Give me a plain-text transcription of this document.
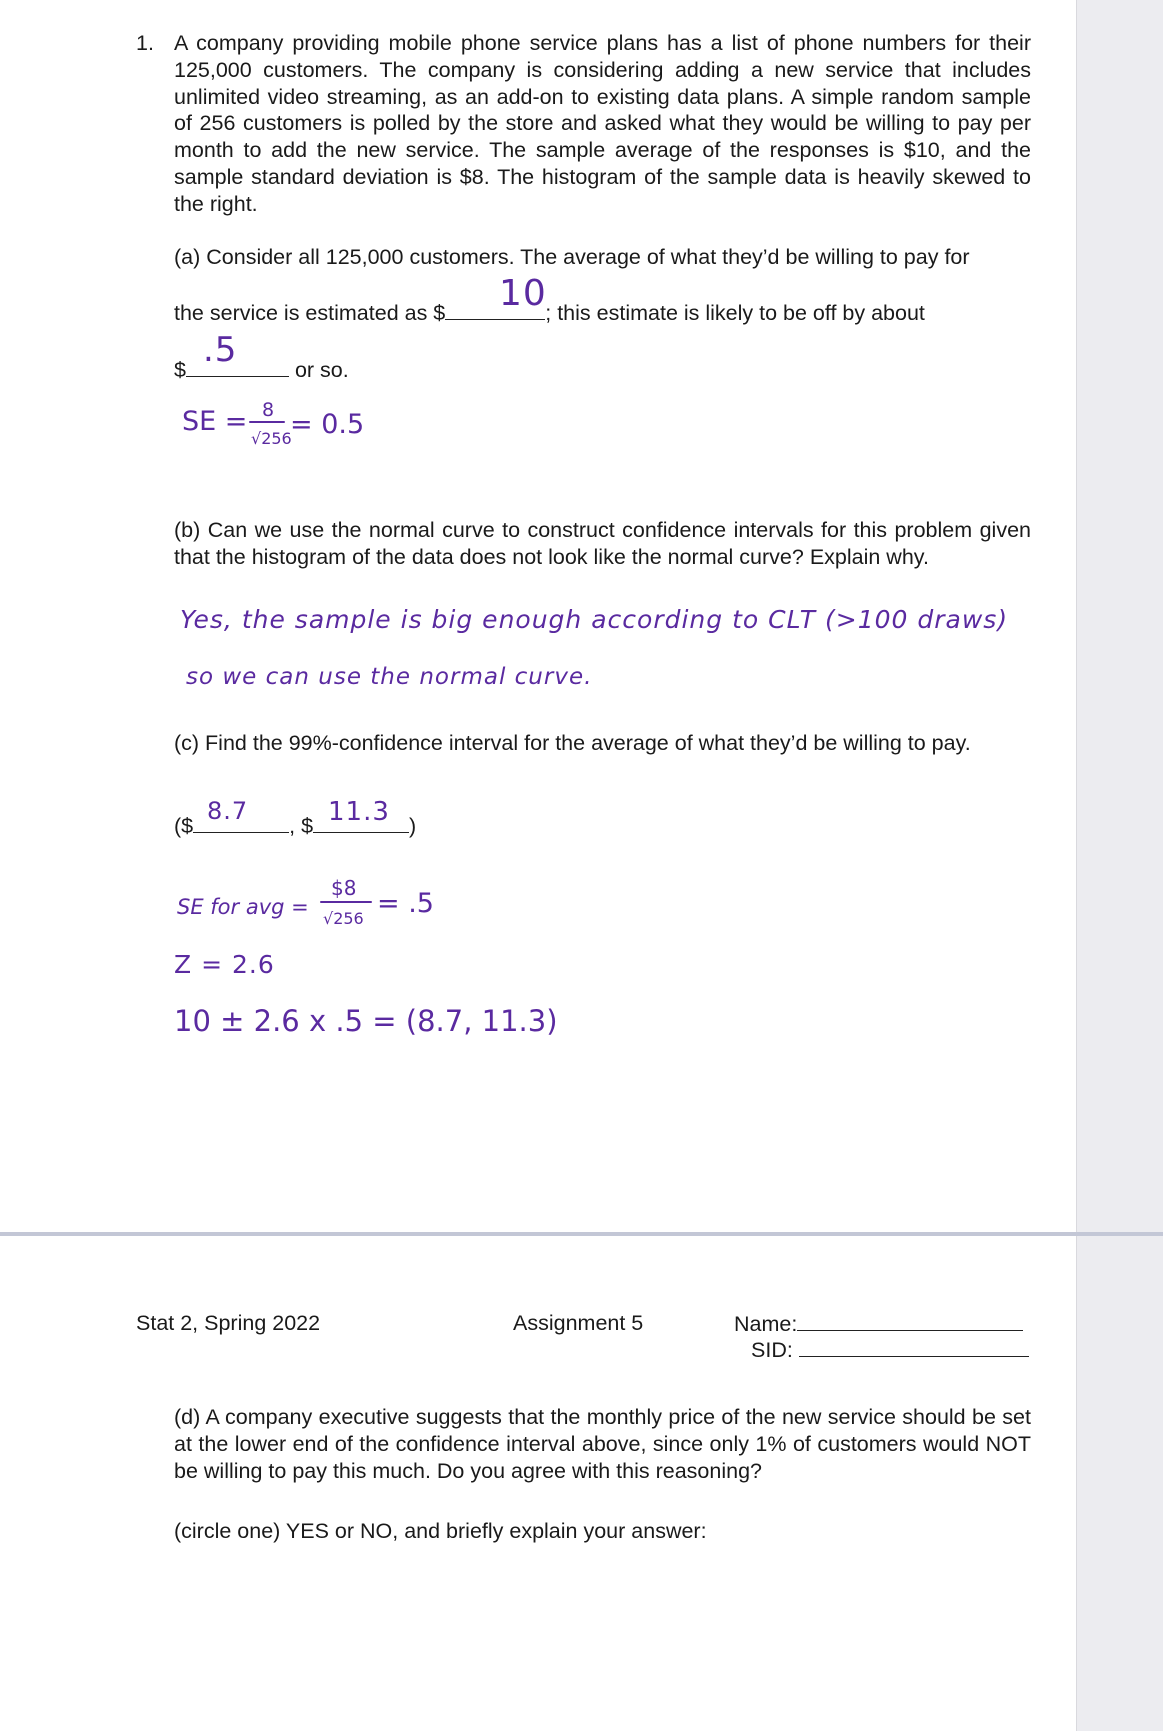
1. A company providing mobile phone service plans has a list of phone numbers for their 125,000 customers. The company is considering adding a new service that includes unlimited video streaming, as an add-on to existing data plans. A simple random sample of 256 customers is polled by the store and asked what they would be willing to pay per month to add the new service. The sample average of the responses is $10, and the sample standard deviation is $8. The histogram of the sample data is heavily skewed to the right.

(a) Consider all 125,000 customers. The average of what they’d be willing to pay for

the service is estimated as $	; this estimate is likely to be off by about
10
$	or so.
.5
SE = 8
√256
= 0.5

(b) Can we use the normal curve to construct confidence intervals for this problem given that the histogram of the data does not look like the normal curve? Explain why.

Yes, the sample is big enough according to CLT (>100 draws)
so we can use the normal curve.

(c) Find the 99%-confidence interval for the average of what they’d be willing to pay.

($	, $	)
8.7	11.3
SE for avg =
$8
√256 = .5
Z = 2.6
10 ± 2.6 x .5 = (8.7, 11.3)
Stat 2, Spring 2022	Assignment 5	Name:
SID:

(d) A company executive suggests that the monthly price of the new service should be set at the lower end of the confidence interval above, since only 1% of customers would NOT be willing to pay this much. Do you agree with this reasoning?

(circle one) YES or NO, and briefly explain your answer:
